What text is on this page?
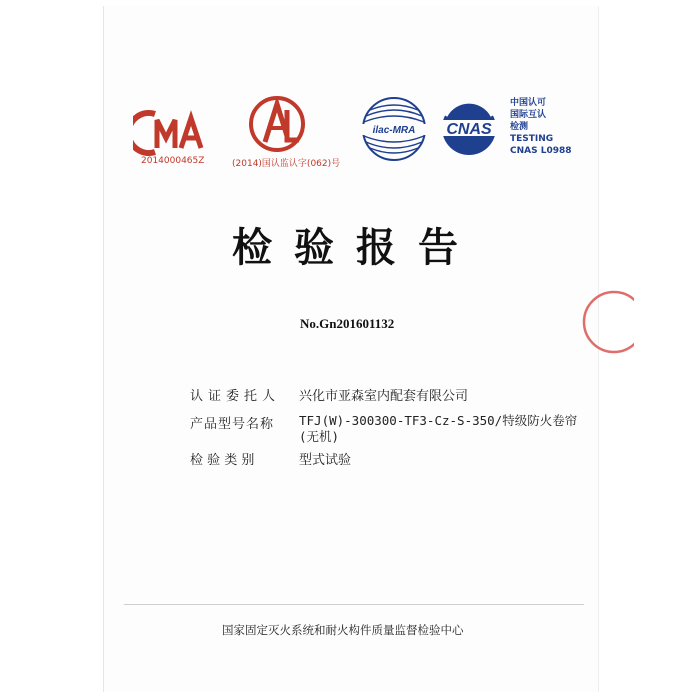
2014000465Z	(2014)国认监认字(062)号
ilac-MRA CNAS
中国认可
国际互认
检测
TESTING
CNAS L0988
检验报告
No.Gn201601132
认证委托人	兴化市亚森室内配套有限公司
产品型号名称	TFJ(W)-300300-TF3-Cz-S-350/特级防火卷帘
(无机)
检 验 类 别	型式试验
国家固定灭火系统和耐火构件质量监督检验中心
